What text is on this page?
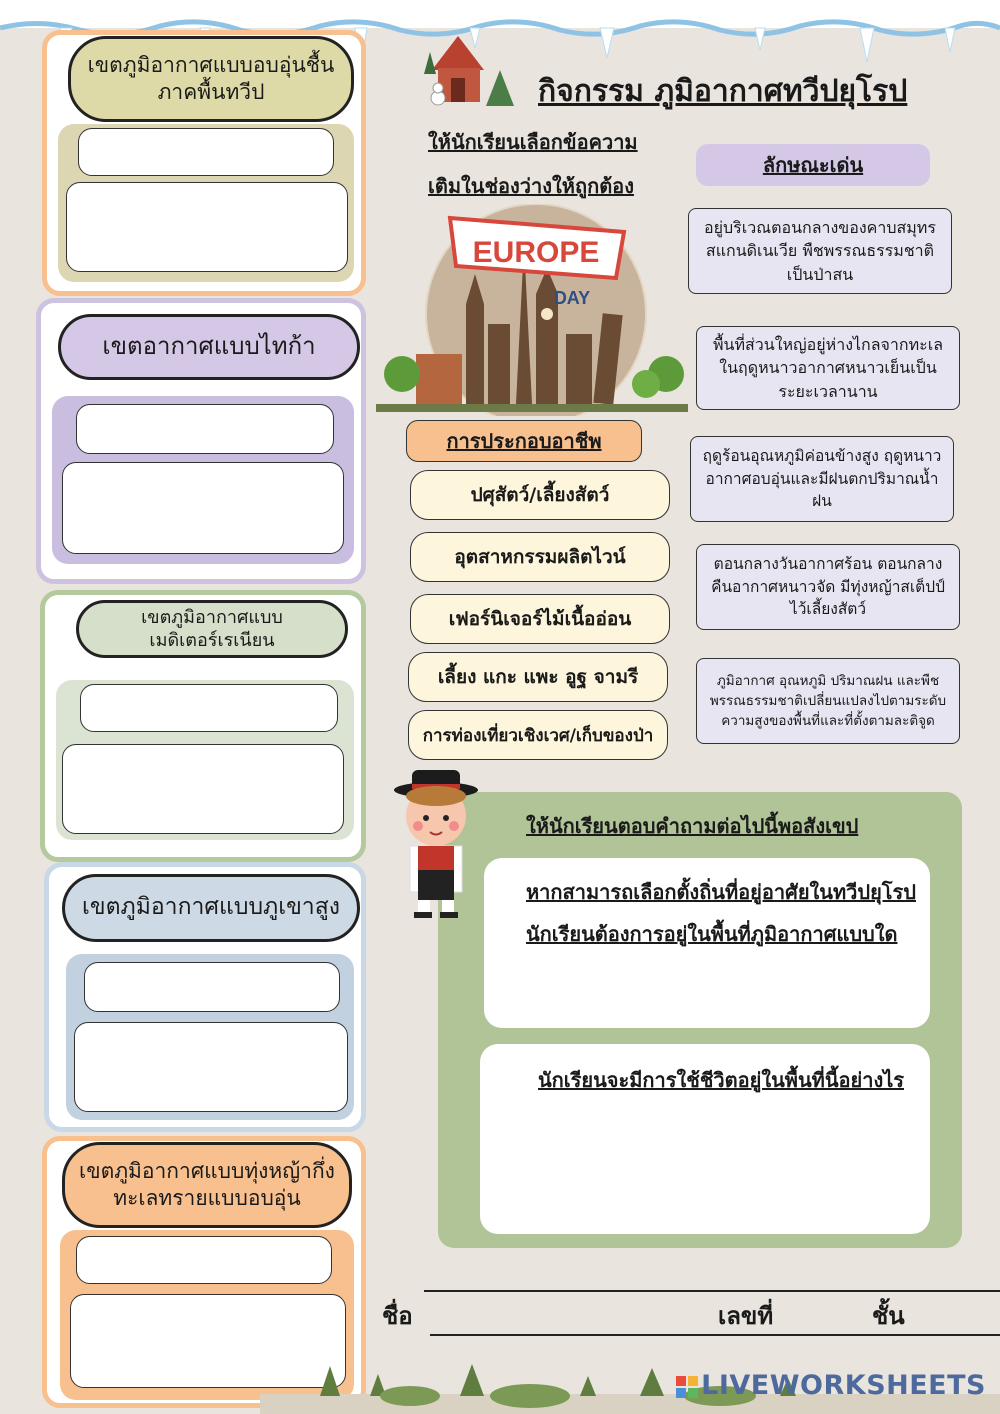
เขตภูมิอากาศแบบอบอุ่นชื้นภาคพื้นทวีป
เขตอากาศแบบไทก้า
เขตภูมิอากาศแบบเมดิเตอร์เรเนียน
เขตภูมิอากาศแบบภูเขาสูง
เขตภูมิอากาศแบบทุ่งหญ้ากึ่งทะเลทรายแบบอบอุ่น
กิจกรรม ภูมิอากาศทวีปยุโรป
ให้นักเรียนเลือกข้อความ
เติมในช่องว่างให้ถูกต้อง
EUROPE
DAY
ลักษณะเด่น
อยู่บริเวณตอนกลางของคาบสมุทรสแกนดิเนเวีย พืชพรรณธรรมชาติเป็นป่าสน
พื้นที่ส่วนใหญ่อยู่ห่างไกลจากทะเล ในฤดูหนาวอากาศหนาวเย็นเป็นระยะเวลานาน
ฤดูร้อนอุณหภูมิค่อนข้างสูง ฤดูหนาวอากาศอบอุ่นและมีฝนตกปริมาณน้ำฝน
ตอนกลางวันอากาศร้อน ตอนกลางคืนอากาศหนาวจัด มีทุ่งหญ้าสเต็ปป์ ไว้เลี้ยงสัตว์
ภูมิอากาศ อุณหภูมิ ปริมาณฝน และพืชพรรณธรรมชาติเปลี่ยนแปลงไปตามระดับความสูงของพื้นที่และที่ตั้งตามละติจูด
การประกอบอาชีพ
ปศุสัตว์/เลี้ยงสัตว์
อุตสาหกรรมผลิตไวน์
เฟอร์นิเจอร์ไม้เนื้ออ่อน
เลี้ยง แกะ แพะ อูฐ จามรี
การท่องเที่ยวเชิงเวศ/เก็บของป่า
ให้นักเรียนตอบคำถามต่อไปนี้พอสังเขป
หากสามารถเลือกตั้งถิ่นที่อยู่อาศัยในทวีปยุโรป
นักเรียนต้องการอยู่ในพื้นที่ภูมิอากาศแบบใด
นักเรียนจะมีการใช้ชีวิตอยู่ในพื้นที่นี้อย่างไร
ชื่อ	เลขที่	ชั้น
LIVEWORKSHEETS
